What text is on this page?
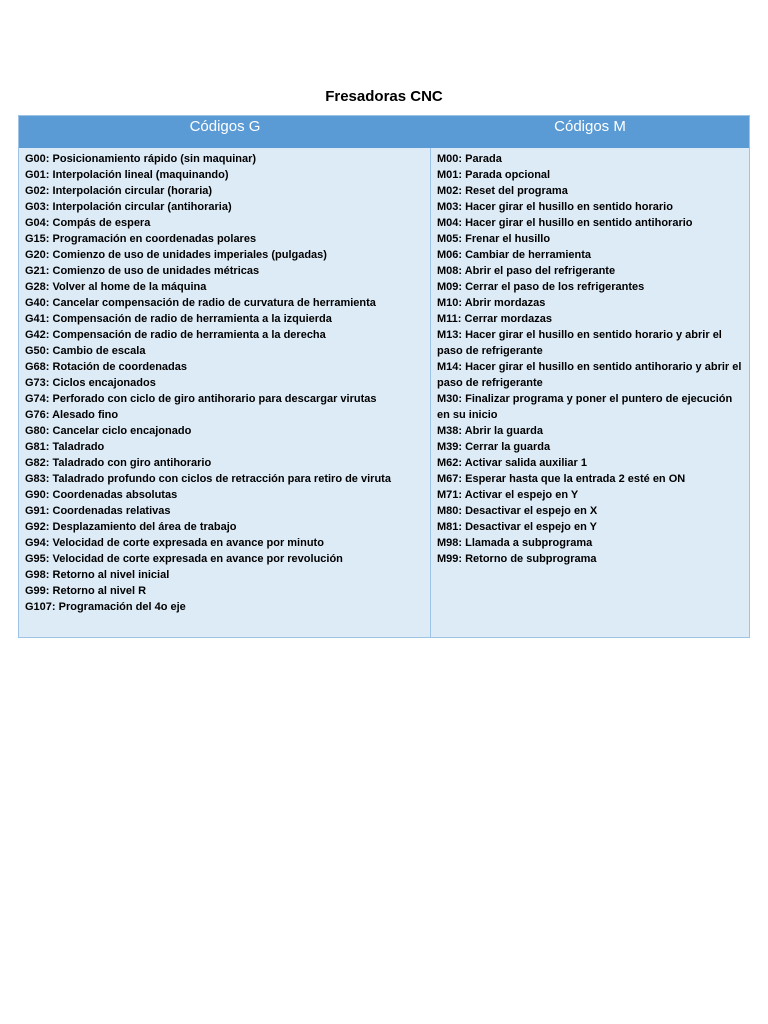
Fresadoras CNC
Códigos G	Códigos M
G00: Posicionamiento rápido (sin maquinar)
G01: Interpolación lineal (maquinando)
G02: Interpolación circular (horaria)
G03: Interpolación circular (antihoraria)
G04: Compás de espera
G15: Programación en coordenadas polares
G20: Comienzo de uso de unidades imperiales (pulgadas)
G21: Comienzo de uso de unidades métricas
G28: Volver al home de la máquina
G40: Cancelar compensación de radio de curvatura de herramienta
G41: Compensación de radio de herramienta a la izquierda
G42: Compensación de radio de herramienta a la derecha
G50: Cambio de escala
G68: Rotación de coordenadas
G73: Ciclos encajonados
G74: Perforado con ciclo de giro antihorario para descargar virutas
G76: Alesado fino
G80: Cancelar ciclo encajonado
G81: Taladrado
G82: Taladrado con giro antihorario
G83: Taladrado profundo con ciclos de retracción para retiro de viruta
G90: Coordenadas absolutas
G91: Coordenadas relativas
G92: Desplazamiento del área de trabajo
G94: Velocidad de corte expresada en avance por minuto
G95: Velocidad de corte expresada en avance por revolución
G98: Retorno al nivel inicial
G99: Retorno al nivel R
G107: Programación del 4o eje
M00: Parada
M01: Parada opcional
M02: Reset del programa
M03: Hacer girar el husillo en sentido horario
M04: Hacer girar el husillo en sentido antihorario
M05: Frenar el husillo
M06: Cambiar de herramienta
M08: Abrir el paso del refrigerante
M09: Cerrar el paso de los refrigerantes
M10: Abrir mordazas
M11: Cerrar mordazas
M13: Hacer girar el husillo en sentido horario y abrir el paso de refrigerante
M14: Hacer girar el husillo en sentido antihorario y abrir el paso de refrigerante
M30: Finalizar programa y poner el puntero de ejecución en su inicio
M38: Abrir la guarda
M39: Cerrar la guarda
M62: Activar salida auxiliar 1
M67: Esperar hasta que la entrada 2 esté en ON
M71: Activar el espejo en Y
M80: Desactivar el espejo en X
M81: Desactivar el espejo en Y
M98: Llamada a subprograma
M99: Retorno de subprograma
